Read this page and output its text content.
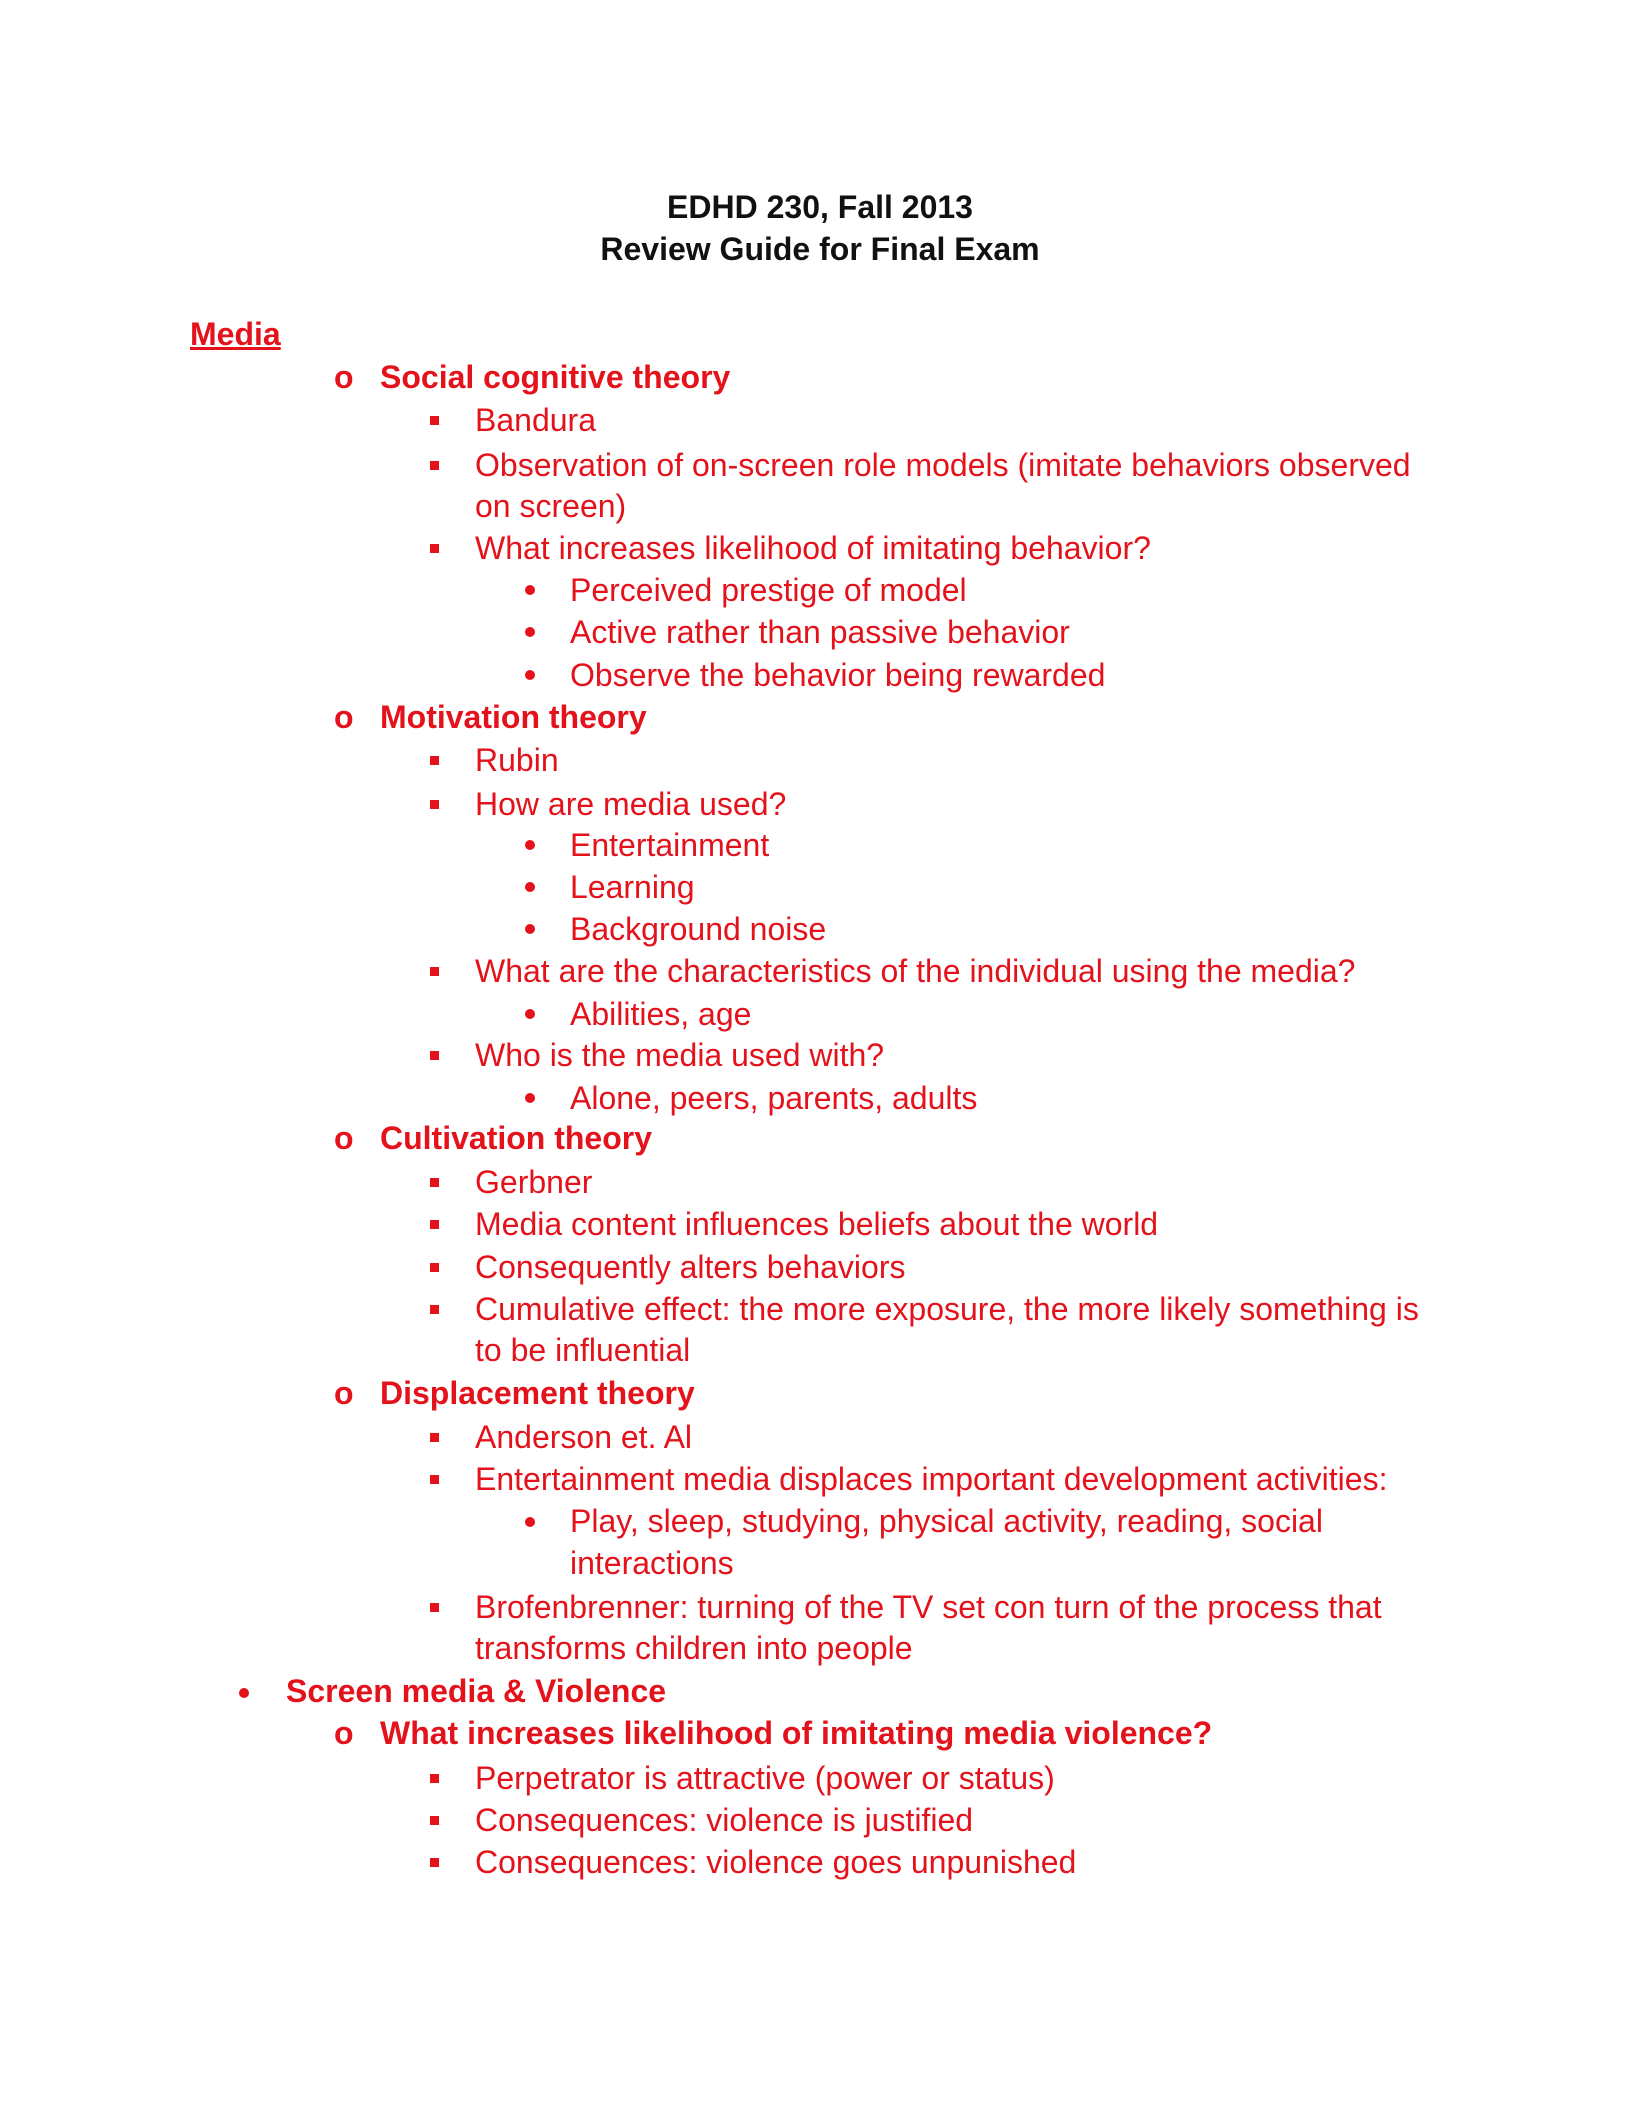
EDHD 230, Fall 2013
Review Guide for Final Exam
Media
o Social cognitive theory
Bandura
Observation of on-screen role models (imitate behaviors observed
on screen)
What increases likelihood of imitating behavior?
Perceived prestige of model
Active rather than passive behavior
Observe the behavior being rewarded
o Motivation theory
Rubin
How are media used?
Entertainment
Learning
Background noise
What are the characteristics of the individual using the media?
Abilities, age
Who is the media used with?
Alone, peers, parents, adults
o Cultivation theory
Gerbner
Media content influences beliefs about the world
Consequently alters behaviors
Cumulative effect: the more exposure, the more likely something is
to be influential
o Displacement theory
Anderson et. Al
Entertainment media displaces important development activities:
Play, sleep, studying, physical activity, reading, social
interactions
Brofenbrenner: turning of the TV set con turn of the process that
transforms children into people
Screen media & Violence
o What increases likelihood of imitating media violence?
Perpetrator is attractive (power or status)
Consequences: violence is justified
Consequences: violence goes unpunished
